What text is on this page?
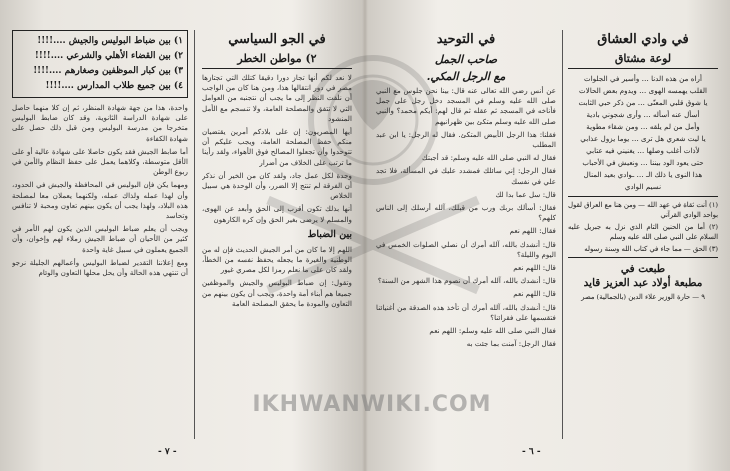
في الجو السياسي
٢) مواطن الخطر

لا نعد لكم أنها تجاز دورا دقيقا كتلك التي تجتازها مصر في دور انتقالها هذا، ومن هنا كان من الواجب أن نلفت النظر إلى ما يجب أن نتجنبه من العوامل التي لا تتفق والمصلحة العامة، ولا تنسجم مع الأمل المنشود

أيها المصريون: إن على بلادكم أمرين يقتضيان منكم حفظ المصلحة العامة، ويجب عليكم أن تتوحدوا وأن تجعلوا المصالح فوق الأهواء، ولقد رأينا ما ترتب على الخلاف من أضرار

وحدة لكل عمل جاد، ولقد كان من الخير أن نذكر أن الفرقة لم تنتج إلا الضرر، وأن الوحدة هي سبيل الخلاص

أنها بذلك تكون أقرب إلى الحق وأبعد عن الهوى، والمسلم لا يرضى بغير الحق وإن كره الكارهون

بين الضباط

اللهم إلا ما كان من أمر الجيش الحديث فإن له من الوطنية والغيرة ما يجعله يحفظ نفسه من الخطأ، ولقد كان على ما نعلم رمزا لكل مصري غيور

وتقول: إن ضباط البوليس والجيش والموظفين جميعا هم أبناء أمة واحدة، ويجب أن يكون بينهم من التعاون والمودة ما يحقق المصلحة العامة

١) بين ضباط البوليس والجيش ....!!!!
٢) بين القضاء الأهلي والشرعي ....!!!!
٣) بين كبار الموظفين وصغارهم ....!!!!
٤) بين جميع طلاب المدارس ....!!!!

واحدة، هذا من جهة شهادة المنظر، ثم إن كلا منهما حاصل على شهادة الدراسة الثانوية، وقد كان ضابط البوليس متخرجا من مدرسة البوليس ومن قبل ذلك حصل على شهادة الكفاءة

أما ضابط الجيش فقد يكون حاصلا على شهادة عالية أو على الأقل متوسطة، وكلاهما يعمل على حفظ النظام والأمن في ربوع الوطن

ومهما يكن فإن البوليس في المحافظة والجيش في الحدود، وأن لهذا عمله ولذاك عمله، ولكنهما يعملان معا لمصلحة هذه البلاد، ولهذا يجب أن يكون بينهم تعاون ومحبة لا تنافس وتحاسد

ويجب أن يعلم ضباط البوليس الذين يكون لهم الأمر في كثير من الأحيان أن ضباط الجيش زملاء لهم وإخوان، وأن الجميع يعملون في سبيل غاية واحدة

ومع إعلاننا التقدير لضباط البوليس وأعمالهم الجليلة نرجو أن تنتهي هذه الحالة وأن يحل محلها التعاون والوئام

- ٧ -
في وادي العشاق
لوعة مشتاق
أراه من هذه الدنا … وأسير في الجلوات
القلب يهمسه الهوى … ويدوم بعض الحالات
يا شوق قلبي المعنّى … من ذكر حبي الثابت
أسأل عنه أسأله … وأرى شجوني بادية
وأمل من لم يلقه … ومن شقاء مطوية
يا ليت شعري هل ترى … يوما يزول عذابي
لأذات أغلب وصلها … يغنيني فيه عتابي
حتى يعود الود بيننا … ونعيش في الأحباب
هذا النوى يا ذلك الـ … ـوادي بعيد المنال
نسيم الوادي

(١) أنت ثقاة في عهد الله — ومن هنا مع العراق لقول بواحد الوادي القرآني

(٢) أما من الحنين التام الذي نزل به جبريل عليه السلام على النبي صلى الله عليه وسلم

(٣) الحق — مما جاء في كتاب الله وسنة رسوله

طبعت في
مطبعة أولاد عبد العزيز قايد
٩ — حارة الوزير علاء الدين (بالجمالية) مصر
في التوحيد
صاحب الجمل
مع الرجل المكي.

عن أنس رضي الله تعالى عنه قال: بينا نحن جلوس مع النبي صلى الله عليه وسلم في المسجد دخل رجل على جمل فأناخه في المسجد ثم عقله ثم قال لهم: أيكم محمد؟ والنبي صلى الله عليه وسلم متكئ بين ظهرانيهم

فقلنا: هذا الرجل الأبيض المتكئ. فقال له الرجل: يا ابن عبد المطلب

فقال له النبي صلى الله عليه وسلم: قد أجبتك

فقال الرجل: إني سائلك فمشدد عليك في المسألة، فلا تجد علي في نفسك

قال: سل عما بدا لك

فقال: أسألك بربك ورب من قبلك، آلله أرسلك إلى الناس كلهم؟

فقال: اللهم نعم

قال: أنشدك بالله، آلله أمرك أن نصلي الصلوات الخمس في اليوم والليلة؟

قال: اللهم نعم

قال: أنشدك بالله، آلله أمرك أن نصوم هذا الشهر من السنة؟

قال: اللهم نعم

قال: أنشدك بالله، آلله أمرك أن تأخذ هذه الصدقة من أغنيائنا فتقسمها على فقرائنا؟

فقال النبي صلى الله عليه وسلم: اللهم نعم

فقال الرجل: آمنت بما جئت به

- ٦ -
IKHWANWIKI.COM
